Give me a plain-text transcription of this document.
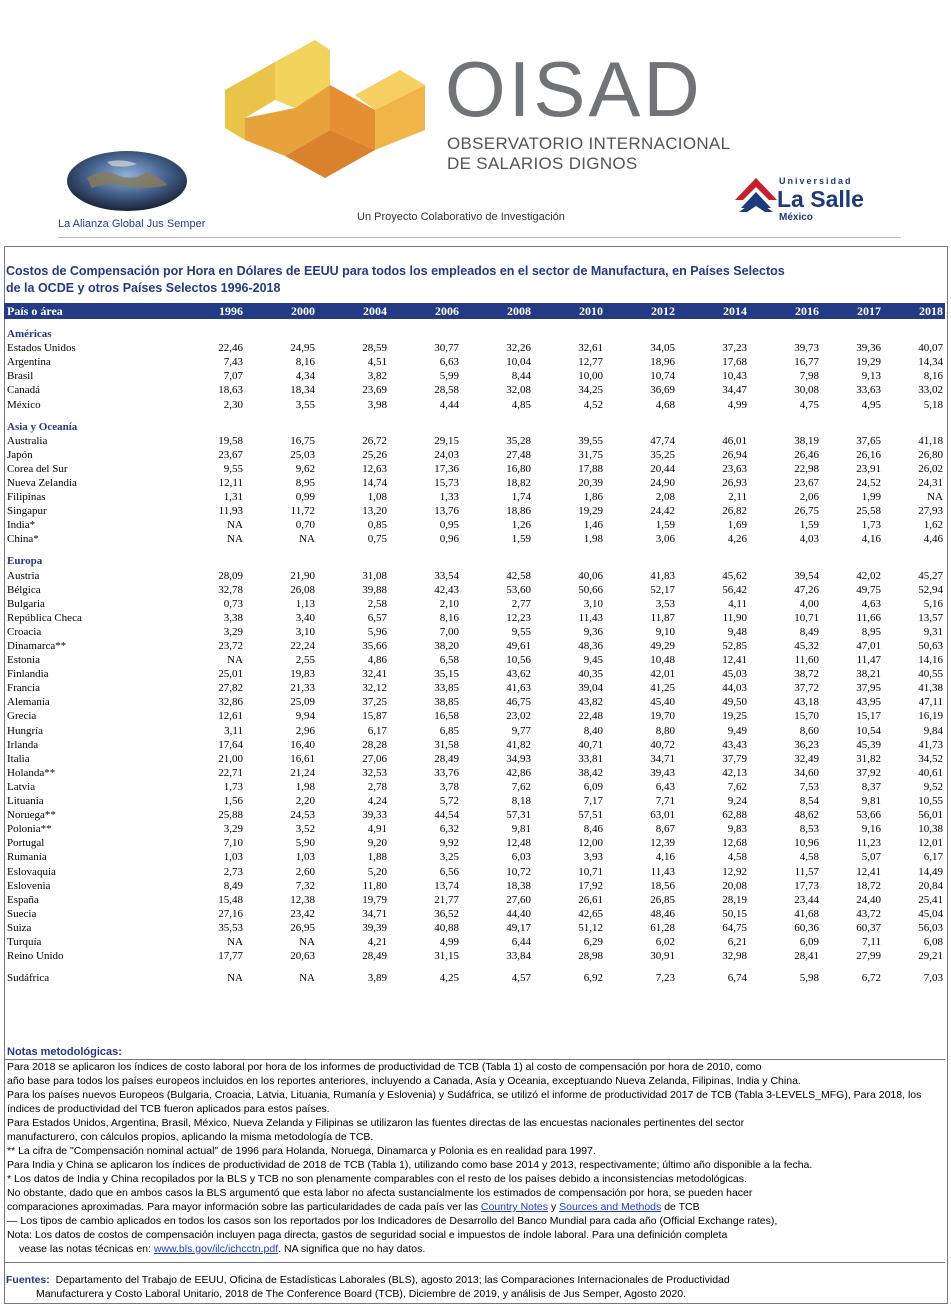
OISAD
OBSERVATORIO INTERNACIONAL
DE SALARIOS DIGNOS
La Alianza Global Jus Semper
Un Proyecto Colaborativo de Investigación
Universidad
La Salle
México
Costos de Compensación por Hora en Dólares de EEUU para todos los empleados en el sector de Manufactura, en Países Selectos
de la OCDE y otros Países Selectos 1996-2018
País o área	1996	2000	2004	2006	2008	2010	2012	2014	2016	2017	2018

Américas											
Estados Unidos	22,46	24,95	28,59	30,77	32,26	32,61	34,05	37,23	39,73	39,36	40,07
Argentina	7,43	8,16	4,51	6,63	10,04	12,77	18,96	17,68	16,77	19,29	14,34
Brasil	7,07	4,34	3,82	5,99	8,44	10,00	10,74	10,43	7,98	9,13	8,16
Canadá	18,63	18,34	23,69	28,58	32,08	34,25	36,69	34,47	30,08	33,63	33,02
México	2,30	3,55	3,98	4,44	4,85	4,52	4,68	4,99	4,75	4,95	5,18

Asia y Oceanía											
Australia	19,58	16,75	26,72	29,15	35,28	39,55	47,74	46,01	38,19	37,65	41,18
Japón	23,67	25,03	25,26	24,03	27,48	31,75	35,25	26,94	26,46	26,16	26,80
Corea del Sur	9,55	9,62	12,63	17,36	16,80	17,88	20,44	23,63	22,98	23,91	26,02
Nueva Zelandia	12,11	8,95	14,74	15,73	18,82	20,39	24,90	26,93	23,67	24,52	24,31
Filipinas	1,31	0,99	1,08	1,33	1,74	1,86	2,08	2,11	2,06	1,99	NA
Singapur	11,93	11,72	13,20	13,76	18,86	19,29	24,42	26,82	26,75	25,58	27,93
India*	NA	0,70	0,85	0,95	1,26	1,46	1,59	1,69	1,59	1,73	1,62
China*	NA	NA	0,75	0,96	1,59	1,98	3,06	4,26	4,03	4,16	4,46

Europa											
Austria	28,09	21,90	31,08	33,54	42,58	40,06	41,83	45,62	39,54	42,02	45,27
Bélgica	32,78	26,08	39,88	42,43	53,60	50,66	52,17	56,42	47,26	49,75	52,94
Bulgaria	0,73	1,13	2,58	2,10	2,77	3,10	3,53	4,11	4,00	4,63	5,16
República Checa	3,38	3,40	6,57	8,16	12,23	11,43	11,87	11,90	10,71	11,66	13,57
Croacia	3,29	3,10	5,96	7,00	9,55	9,36	9,10	9,48	8,49	8,95	9,31
Dinamarca**	23,72	22,24	35,66	38,20	49,61	48,36	49,29	52,85	45,32	47,01	50,63
Estonia	NA	2,55	4,86	6,58	10,56	9,45	10,48	12,41	11,60	11,47	14,16
Finlandia	25,01	19,83	32,41	35,15	43,62	40,35	42,01	45,03	38,72	38,21	40,55
Francia	27,82	21,33	32,12	33,85	41,63	39,04	41,25	44,03	37,72	37,95	41,38
Alemania	32,86	25,09	37,25	38,85	46,75	43,82	45,40	49,50	43,18	43,95	47,11
Grecia	12,61	9,94	15,87	16,58	23,02	22,48	19,70	19,25	15,70	15,17	16,19
Hungría	3,11	2,96	6,17	6,85	9,77	8,40	8,80	9,49	8,60	10,54	9,84
Irlanda	17,64	16,40	28,28	31,58	41,82	40,71	40,72	43,43	36,23	45,39	41,73
Italia	21,00	16,61	27,06	28,49	34,93	33,81	34,71	37,79	32,49	31,82	34,52
Holanda**	22,71	21,24	32,53	33,76	42,86	38,42	39,43	42,13	34,60	37,92	40,61
Latvia	1,73	1,98	2,78	3,78	7,62	6,09	6,43	7,62	7,53	8,37	9,52
Lituania	1,56	2,20	4,24	5,72	8,18	7,17	7,71	9,24	8,54	9,81	10,55
Noruega**	25,88	24,53	39,33	44,54	57,31	57,51	63,01	62,88	48,62	53,66	56,01
Polonia**	3,29	3,52	4,91	6,32	9,81	8,46	8,67	9,83	8,53	9,16	10,38
Portugal	7,10	5,90	9,20	9,92	12,48	12,00	12,39	12,68	10,96	11,23	12,01
Rumanía	1,03	1,03	1,88	3,25	6,03	3,93	4,16	4,58	4,58	5,07	6,17
Eslovaquia	2,73	2,60	5,20	6,56	10,72	10,71	11,43	12,92	11,57	12,41	14,49
Eslovenia	8,49	7,32	11,80	13,74	18,38	17,92	18,56	20,08	17,73	18,72	20,84
España	15,48	12,38	19,79	21,77	27,60	26,61	26,85	28,19	23,44	24,40	25,41
Suecia	27,16	23,42	34,71	36,52	44,40	42,65	48,46	50,15	41,68	43,72	45,04
Suiza	35,53	26,95	39,39	40,88	49,17	51,12	61,28	64,75	60,36	60,37	56,03
Turquía	NA	NA	4,21	4,99	6,44	6,29	6,02	6,21	6,09	7,11	6,08
Reino Unido	17,77	20,63	28,49	31,15	33,84	28,98	30,91	32,98	28,41	27,99	29,21

Sudáfrica	NA	NA	3,89	4,25	4,57	6,92	7,23	6,74	5,98	6,72	7,03
Notas metodológicas:
Para 2018 se aplicaron los índices de costo laboral por hora de los informes de productividad de TCB (Tabla 1) al costo de compensación por hora de 2010, como
año base para todos los países europeos incluidos en los reportes anteriores, incluyendo a Canada, Asía y Oceania, exceptuando Nueva Zelanda, Filipinas, India y China.
Para los países nuevos Europeos (Bulgaria, Croacia, Latvia, Lituania, Rumanía y Eslovenia) y Sudáfrica, se utilizó el informe de productividad 2017 de TCB (Tabla 3-LEVELS_MFG), Para 2018, los
índices de productividad del TCB fueron aplicados para estos países.
Para Estados Unidos, Argentina, Brasil, México, Nueva Zelanda y Filipinas se utilizaron las fuentes directas de las encuestas nacionales pertinentes del sector
manufacturero, con cálculos propios, aplicando la misma metodología de TCB.
** La cifra de "Compensación nominal actual" de 1996 para Holanda, Noruega, Dinamarca y Polonia es en realidad para 1997.
Para India y China se aplicaron los índices de productividad de 2018 de TCB (Tabla 1), utilizando como base 2014 y 2013, respectivamente; último año disponible a la fecha.
* Los datos de India y China recopilados por la BLS y TCB no son plenamente comparables con el resto de los países debido a inconsistencias metodológicas.
No obstante, dado que en ambos casos la BLS argumentó que esta labor no afecta sustancialmente los estimados de compensación por hora, se pueden hacer
comparaciones aproximadas. Para mayor información sobre las particularidades de cada país ver las Country Notes y Sources and Methods de TCB
— Los tipos de cambio aplicados en todos los casos son los reportados por los Indicadores de Desarrollo del Banco Mundial para cada año (Official Exchange rates),
Nota: Los datos de costos de compensación incluyen paga directa, gastos de seguridad social e impuestos de índole laboral. Para una definición completa
vease las notas técnicas en: www.bls.gov/ilc/ichcctn.pdf. NA significa que no hay datos.
Fuentes: Departamento del Trabajo de EEUU, Oficina de Estadísticas Laborales (BLS), agosto 2013; las Comparaciones Internacionales de Productividad
Manufacturera y Costo Laboral Unitario, 2018 de The Conference Board (TCB), Diciembre de 2019, y análisis de Jus Semper, Agosto 2020.
